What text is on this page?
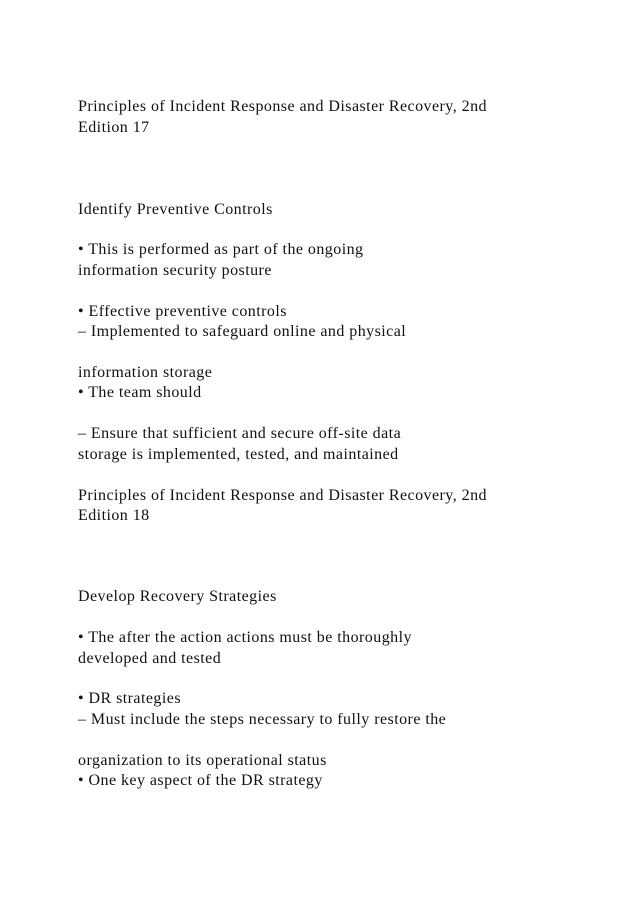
Principles of Incident Response and Disaster Recovery, 2nd

Edition 17

Identify Preventive Controls

• This is performed as part of the ongoing

information security posture

• Effective preventive controls

– Implemented to safeguard online and physical

information storage

• The team should

– Ensure that sufficient and secure off-site data

storage is implemented, tested, and maintained

Principles of Incident Response and Disaster Recovery, 2nd

Edition 18

Develop Recovery Strategies

• The after the action actions must be thoroughly

developed and tested

• DR strategies

– Must include the steps necessary to fully restore the

organization to its operational status

• One key aspect of the DR strategy
